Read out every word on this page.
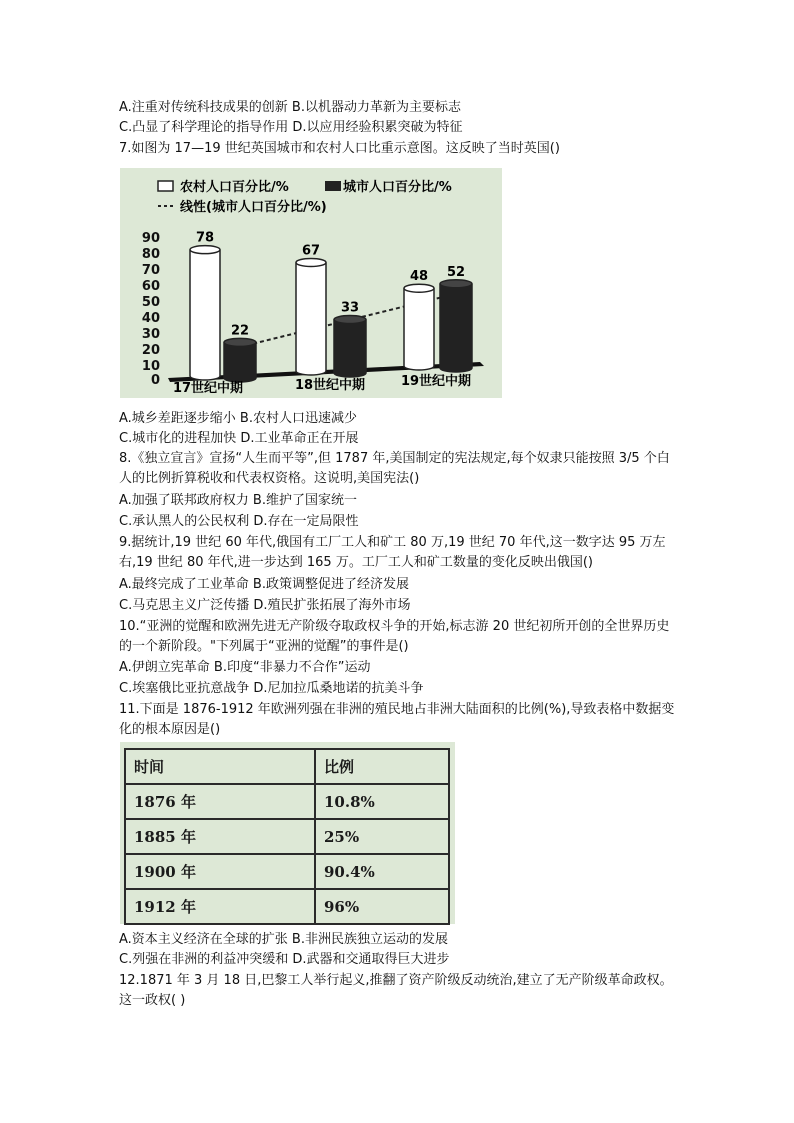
A.注重对传统科技成果的创新 B.以机器动力革新为主要标志
C.凸显了科学理论的指导作用 D.以应用经验积累突破为特征
7.如图为 17—19 世纪英国城市和农村人口比重示意图。这反映了当时英国()
农村人口百分比/%	城市人口百分比/%
线性(城市人口百分比/%)
90
80
70
60
50
40
30
20
10
0
78
22
67
33
48 52
17世纪中期	18世纪中期	19世纪中期
A.城乡差距逐步缩小 B.农村人口迅速减少
C.城市化的进程加快 D.工业革命正在开展
8.《独立宣言》宣扬“人生而平等”,但 1787 年,美国制定的宪法规定,每个奴隶只能按照 3/5 个白人的比例折算税收和代表权资格。这说明,美国宪法()
A.加强了联邦政府权力 B.维护了国家统一
C.承认黑人的公民权利 D.存在一定局限性
9.据统计,19 世纪 60 年代,俄国有工厂工人和矿工 80 万,19 世纪 70 年代,这一数字达 95 万左右,19 世纪 80 年代,进一步达到 165 万。工厂工人和矿工数量的变化反映出俄国()
A.最终完成了工业革命 B.政策调整促进了经济发展
C.马克思主义广泛传播 D.殖民扩张拓展了海外市场
10.“亚洲的觉醒和欧洲先进无产阶级夺取政权斗争的开始,标志游 20 世纪初所开创的全世界历史的一个新阶段。"下列属于“亚洲的觉醒”的事件是()
A.伊朗立宪革命 B.印度“非暴力不合作”运动
C.埃塞俄比亚抗意战争 D.尼加拉瓜桑地诺的抗美斗争
11.下面是 1876-1912 年欧洲列强在非洲的殖民地占非洲大陆面积的比例(%),导致表格中数据变化的根本原因是()
时间	比例
1876 年	10.8%
1885 年	25%
1900 年	90.4%
1912 年	96%
A.资本主义经济在全球的扩张 B.非洲民族独立运动的发展
C.列强在非洲的利益冲突缓和 D.武器和交通取得巨大进步
12.1871 年 3 月 18 日,巴黎工人举行起义,推翻了资产阶级反动统治,建立了无产阶级革命政权。这一政权( )
